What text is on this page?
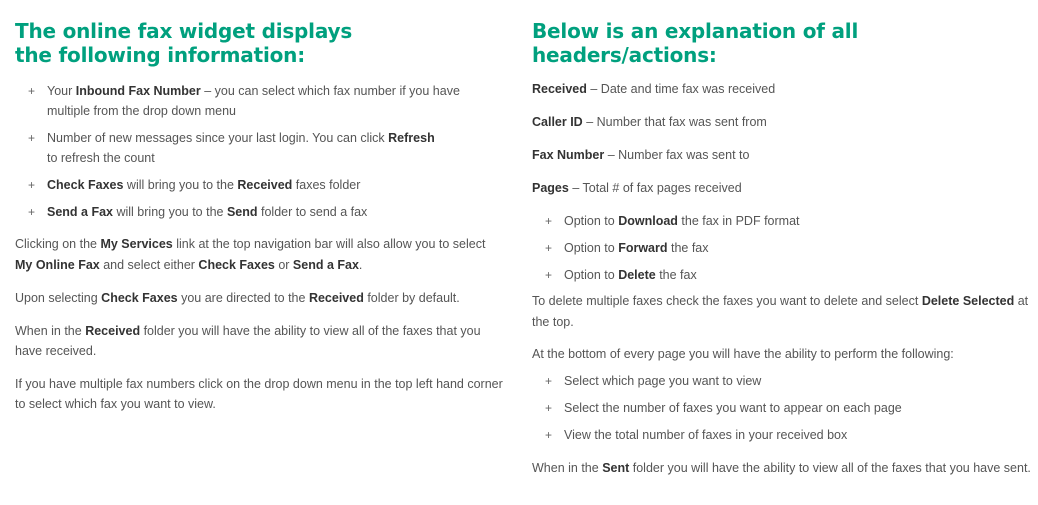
The online fax widget displays
the following information:
+ Your Inbound Fax Number – you can select which fax number if you have multiple from the drop down menu
+ Number of new messages since your last login. You can click Refresh
to refresh the count
+ Check Faxes will bring you to the Received faxes folder
+ Send a Fax will bring you to the Send folder to send a fax

Clicking on the My Services link at the top navigation bar will also allow you to select My Online Fax and select either Check Faxes or Send a Fax.

Upon selecting Check Faxes you are directed to the Received folder by default.

When in the Received folder you will have the ability to view all of the faxes that you have received.

If you have multiple fax numbers click on the drop down menu in the top left hand corner to select which fax you want to view.

Below is an explanation of all headers/actions:

Received – Date and time fax was received

Caller ID – Number that fax was sent from

Fax Number – Number fax was sent to

Pages – Total # of fax pages received

+ Option to Download the fax in PDF format
+ Option to Forward the fax
+ Option to Delete the fax

To delete multiple faxes check the faxes you want to delete and select Delete Selected at the top.

At the bottom of every page you will have the ability to perform the following:

+ Select which page you want to view
+ Select the number of faxes you want to appear on each page
+ View the total number of faxes in your received box

When in the Sent folder you will have the ability to view all of the faxes that you have sent.
